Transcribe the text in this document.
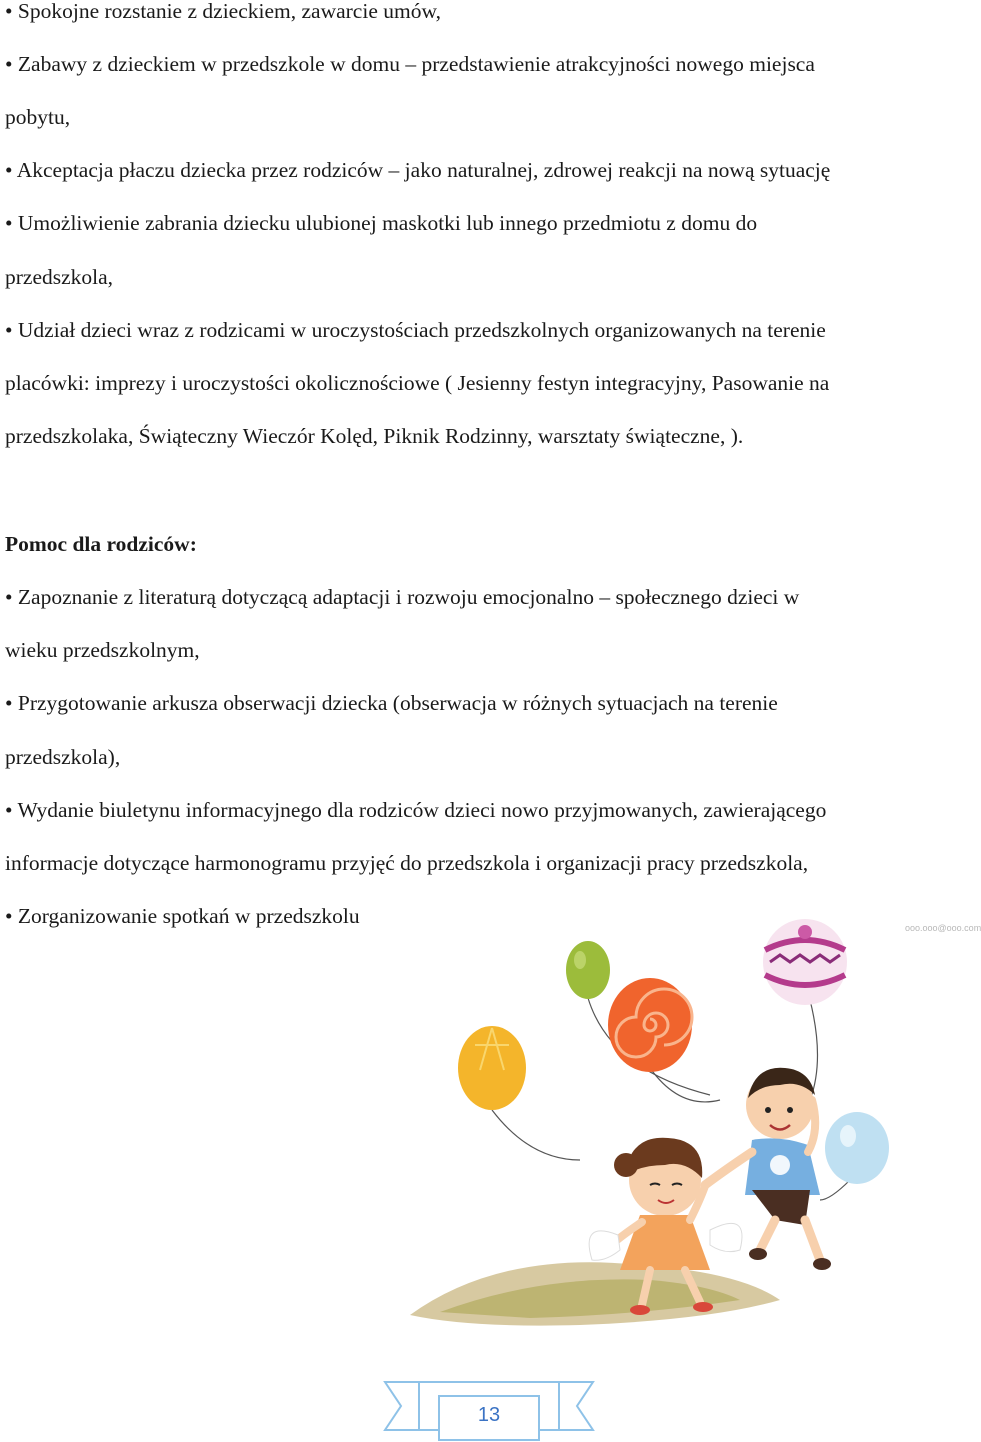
• Spokojne rozstanie z dzieckiem, zawarcie umów,
• Zabawy z dzieckiem w przedszkole w domu – przedstawienie atrakcyjności nowego miejsca
pobytu,
• Akceptacja płaczu dziecka przez rodziców – jako naturalnej, zdrowej reakcji na nową sytuację
• Umożliwienie zabrania dziecku ulubionej maskotki lub innego przedmiotu z domu do
przedszkola,
• Udział dzieci wraz z rodzicami w uroczystościach przedszkolnych organizowanych na terenie
placówki: imprezy i uroczystości okolicznościowe ( Jesienny festyn integracyjny, Pasowanie na
przedszkolaka, Świąteczny Wieczór Kolęd, Piknik Rodzinny, warsztaty świąteczne, ).
Pomoc dla rodziców:
• Zapoznanie z literaturą dotyczącą adaptacji i rozwoju emocjonalno – społecznego dzieci w
wieku przedszkolnym,
• Przygotowanie arkusza obserwacji dziecka (obserwacja w różnych sytuacjach na terenie
przedszkola),
• Wydanie biuletynu informacyjnego dla rodziców dzieci nowo przyjmowanych, zawierającego
informacje dotyczące harmonogramu przyjęć do przedszkola i organizacji pracy przedszkola,
• Zorganizowanie spotkań w przedszkolu	ooo.ooo@ooo.com
13
